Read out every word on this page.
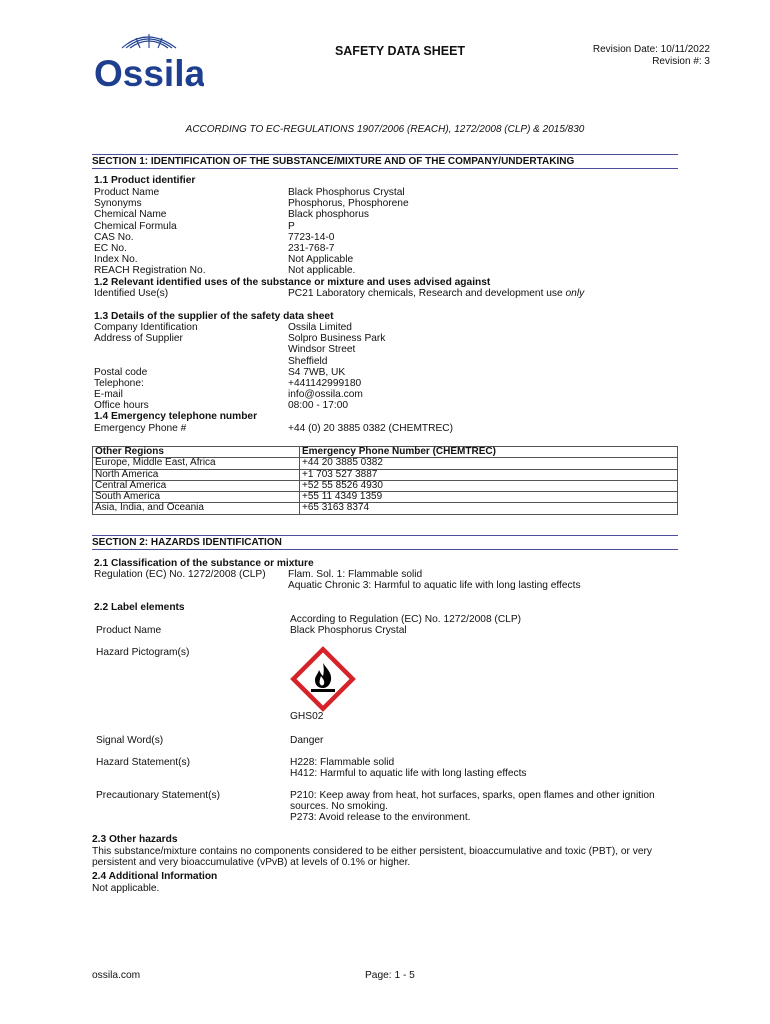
Ossila
SAFETY DATA SHEET	Revision Date: 10/11/2022
Revision #: 3
ACCORDING TO EC-REGULATIONS 1907/2006 (REACH), 1272/2008 (CLP) & 2015/830
SECTION 1: IDENTIFICATION OF THE SUBSTANCE/MIXTURE AND OF THE COMPANY/UNDERTAKING
1.1 Product identifier
Product Name	Black Phosphorus Crystal
Synonyms	Phosphorus, Phosphorene
Chemical Name	Black phosphorus
Chemical Formula	P
CAS No.	7723-14-0
EC No.	231-768-7
Index No.	Not Applicable
REACH Registration No.	Not applicable.
1.2 Relevant identified uses of the substance or mixture and uses advised against
Identified Use(s)	PC21 Laboratory chemicals, Research and development use only
1.3 Details of the supplier of the safety data sheet
Company Identification	Ossila Limited
Address of Supplier	Solpro Business Park
Windsor Street
Sheffield
Postal code	S4 7WB, UK
Telephone:	+441142999180
E-mail	info@ossila.com
Office hours	08:00 - 17:00
1.4 Emergency telephone number
Emergency Phone #	+44 (0) 20 3885 0382 (CHEMTREC)
Other Regions	Emergency Phone Number (CHEMTREC)
Europe, Middle East, Africa	+44 20 3885 0382
North America	+1 703 527 3887
Central America	+52 55 8526 4930
South America	+55 11 4349 1359
Asia, India, and Oceania	+65 3163 8374
SECTION 2: HAZARDS IDENTIFICATION
2.1 Classification of the substance or mixture
Regulation (EC) No. 1272/2008 (CLP) Flam. Sol. 1: Flammable solid
Aquatic Chronic 3: Harmful to aquatic life with long lasting effects
2.2 Label elements
According to Regulation (EC) No. 1272/2008 (CLP)
Product Name	Black Phosphorus Crystal
Hazard Pictogram(s)
GHS02
Signal Word(s)	Danger
Hazard Statement(s)	H228: Flammable solid
H412: Harmful to aquatic life with long lasting effects
Precautionary Statement(s)	P210: Keep away from heat, hot surfaces, sparks, open flames and other ignition
sources. No smoking.
P273: Avoid release to the environment.
2.3 Other hazards
This substance/mixture contains no components considered to be either persistent, bioaccumulative and toxic (PBT), or very
persistent and very bioaccumulative (vPvB) at levels of 0.1% or higher.
2.4 Additional Information
Not applicable.
ossila.com	Page: 1 - 5
